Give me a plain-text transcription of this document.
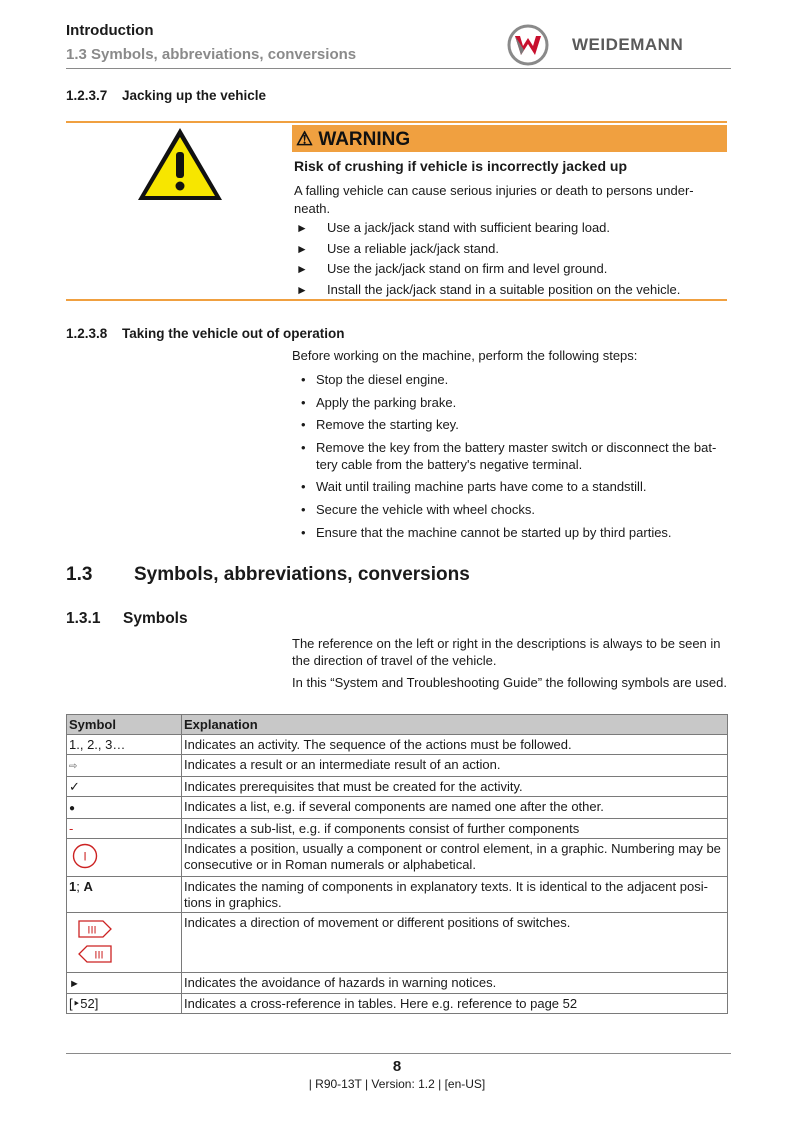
Introduction
1.3 Symbols, abbreviations, conversions
WEIDEMANN
1.2.3.7 Jacking up the vehicle
⚠ WARNING
Risk of crushing if vehicle is incorrectly jacked up
A falling vehicle can cause serious injuries or death to persons under-neath.
► Use a jack/jack stand with sufficient bearing load.
► Use a reliable jack/jack stand.
► Use the jack/jack stand on firm and level ground.
► Install the jack/jack stand in a suitable position on the vehicle.
1.2.3.8 Taking the vehicle out of operation
Before working on the machine, perform the following steps:
• Stop the diesel engine.
• Apply the parking brake.
• Remove the starting key.
• Remove the key from the battery master switch or disconnect the bat-tery cable from the battery's negative terminal.
• Wait until trailing machine parts have come to a standstill.
• Secure the vehicle with wheel chocks.
• Ensure that the machine cannot be started up by third parties.
1.3 Symbols, abbreviations, conversions
1.3.1 Symbols
The reference on the left or right in the descriptions is always to be seen in the direction of travel of the vehicle.
In this “System and Troubleshooting Guide” the following symbols are used.
Symbol	Explanation
1., 2., 3…	Indicates an activity. The sequence of the actions must be followed.
⇨	Indicates a result or an intermediate result of an action.
✓	Indicates prerequisites that must be created for the activity.
●	Indicates a list, e.g. if several components are named one after the other.
-	Indicates a sub-list, e.g. if components consist of further components

I	Indicates a position, usually a component or control element, in a graphic. Numbering may be consecutive or in Roman numerals or alphabetical.
1; A	Indicates the naming of components in explanatory texts. It is identical to the adjacent posi-tions in graphics.

III
III	Indicates a direction of movement or different positions of switches.
►	Indicates the avoidance of hazards in warning notices.
[‣52]	Indicates a cross-reference in tables. Here e.g. reference to page 52
8
| R90-13T | Version: 1.2 | [en-US]
